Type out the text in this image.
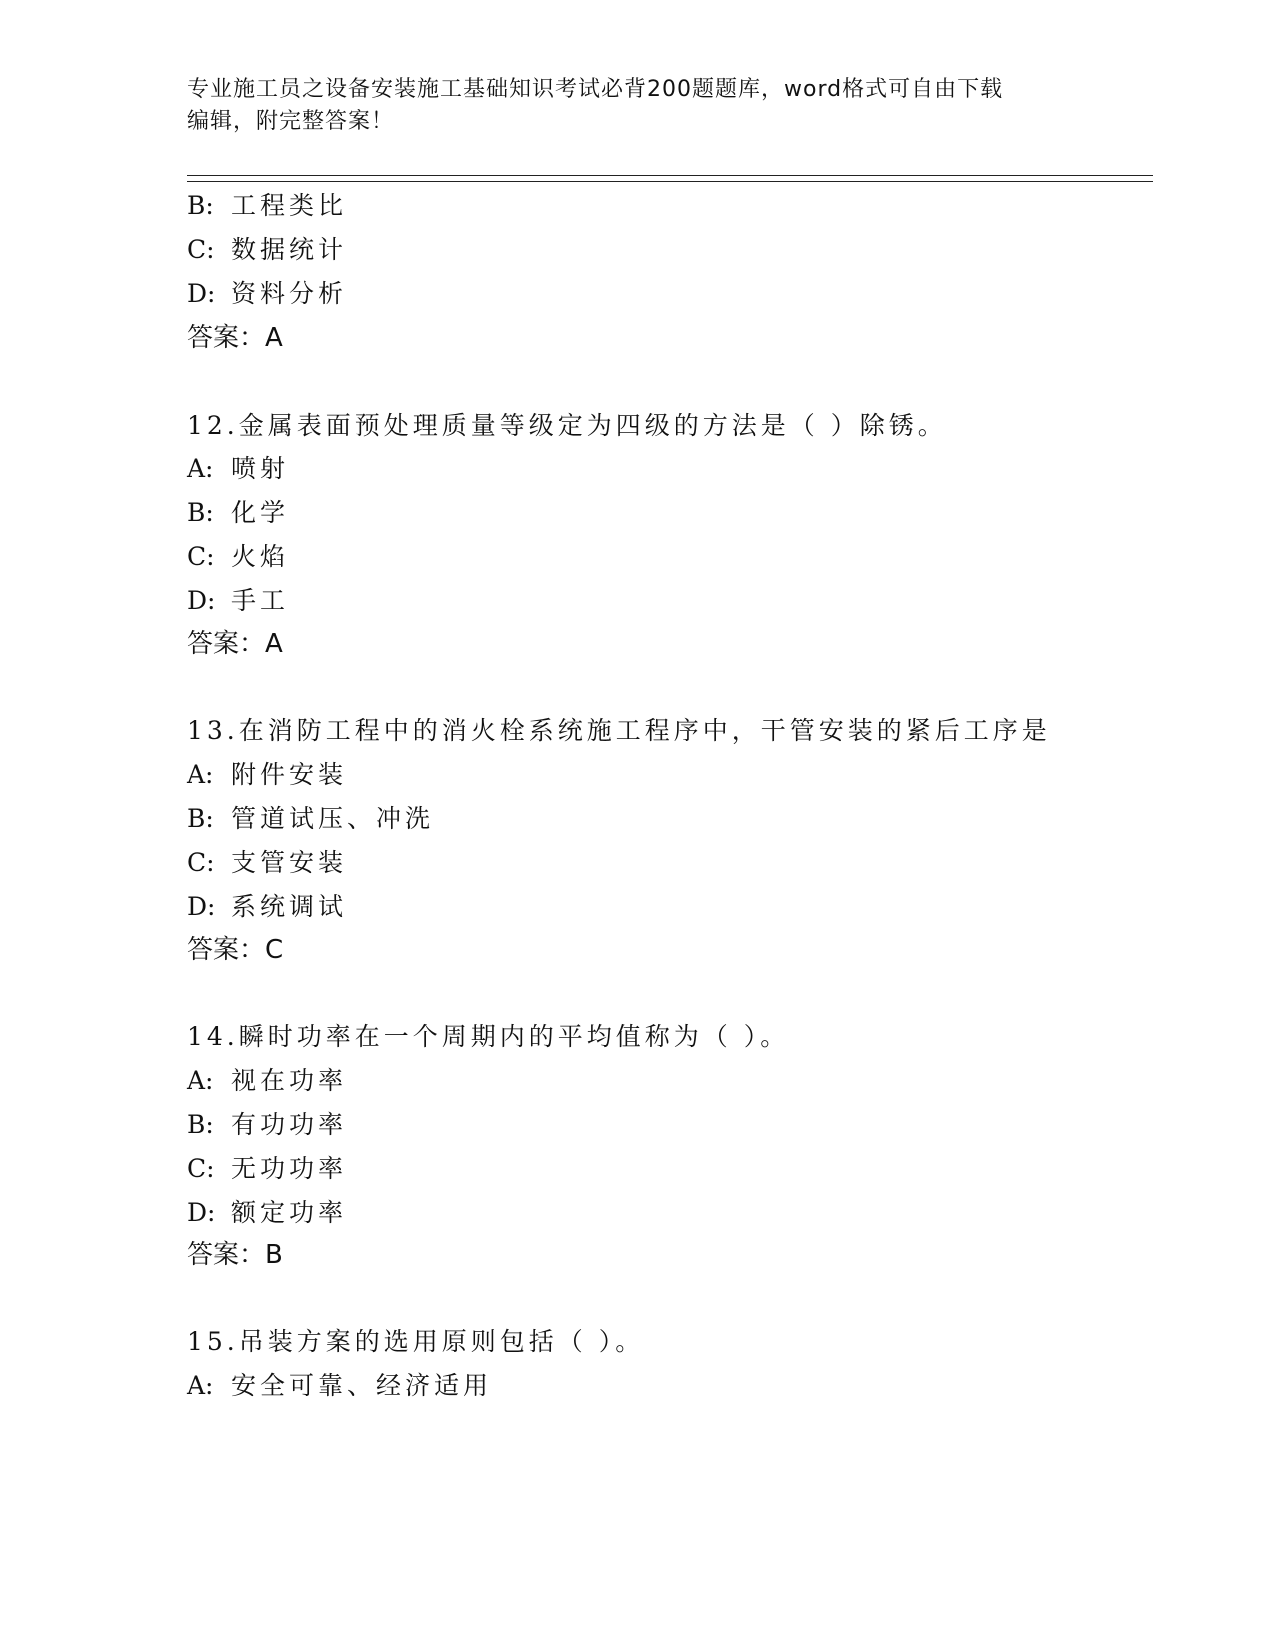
专业施工员之设备安装施工基础知识考试必背200题题库，word格式可自由下载
编辑，附完整答案！
B: 工程类比
C: 数据统计
D: 资料分析
答案：A
12.金属表面预处理质量等级定为四级的方法是（ ）除锈。
A: 喷射
B: 化学
C: 火焰
D: 手工
答案：A
13.在消防工程中的消火栓系统施工程序中，干管安装的紧后工序是
A: 附件安装
B: 管道试压、冲洗
C: 支管安装
D: 系统调试
答案：C
14.瞬时功率在一个周期内的平均值称为（ ）。
A: 视在功率
B: 有功功率
C: 无功功率
D: 额定功率
答案：B
15.吊装方案的选用原则包括（ ）。
A: 安全可靠、经济适用
